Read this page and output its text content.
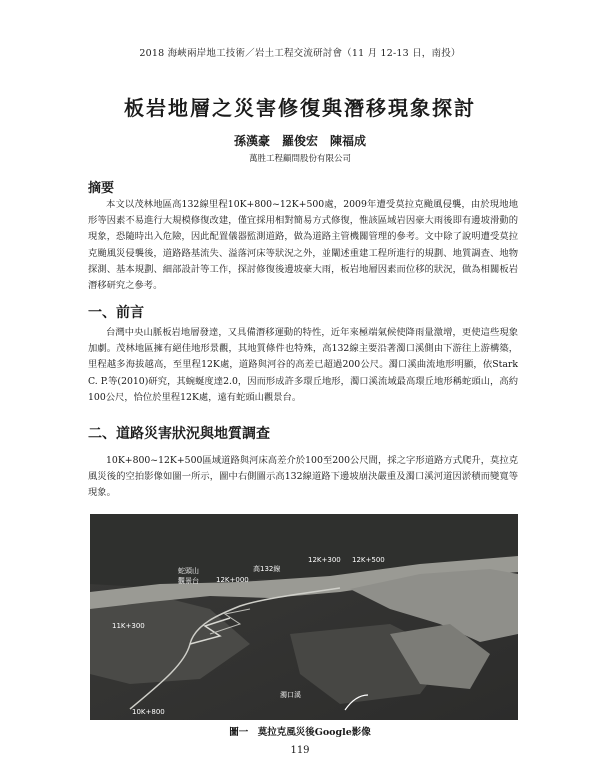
2018 海峽兩岸地工技術／岩土工程交流研討會（11 月 12-13 日，南投）
板岩地層之災害修復與潛移現象探討
孫漢豪　羅俊宏　陳福成
萬胜工程顧問股份有限公司
摘要
本文以茂林地區高132線里程10K+800~12K+500處，2009年遭受莫拉克颱風侵襲，由於現地地形等因素不易進行大規模修復改建，僅宜採用相對簡易方式修復，惟該區域岩因豪大雨後即有邊坡滑動的現象，恐隨時出入危險，因此配置儀器監測道路，做為道路主管機關管理的參考。文中除了說明遭受莫拉克颱風災侵襲後，道路路基流失、溢落河床等狀況之外，並闡述重建工程所進行的規劃、地質調查、地物探測、基本規劃、細部設計等工作，探討修復後邊坡豪大雨，板岩地層因素而位移的狀況，做為相關板岩潛移研究之參考。
一、前言
台灣中央山脈板岩地層發達，又具備潛移運動的特性，近年來極端氣候使降雨量激增，更使這些現象加劇。茂林地區擁有絕佳地形景觀，其地質條件也特殊，高132線主要沿著濁口溪側由下游往上游構築，里程越多海拔越高，至里程12K處，道路與河谷的高差已超過200公尺。濁口溪曲流地形明顯，依Stark C. P.等(2010)研究，其蜿蜒度達2.0，因而形成許多環丘地形，濁口溪流域最高環丘地形稱蛇頭山，高約100公尺，恰位於里程12K處，遠有蛇頭山觀景台。
二、道路災害狀況與地質調查
10K+800~12K+500區域道路與河床高差介於100至200公尺間，採之字形道路方式爬升，莫拉克風災後的空拍影像如圖一所示，圖中右側圖示高132線道路下邊坡崩決嚴重及濁口溪河道因淤積而變寬等現象。
蛇頭山
觀景台 12K+000
高132線
12K+300 12K+500
11K+300
濁口溪
10K+800
圖一　莫拉克風災後Google影像
119
